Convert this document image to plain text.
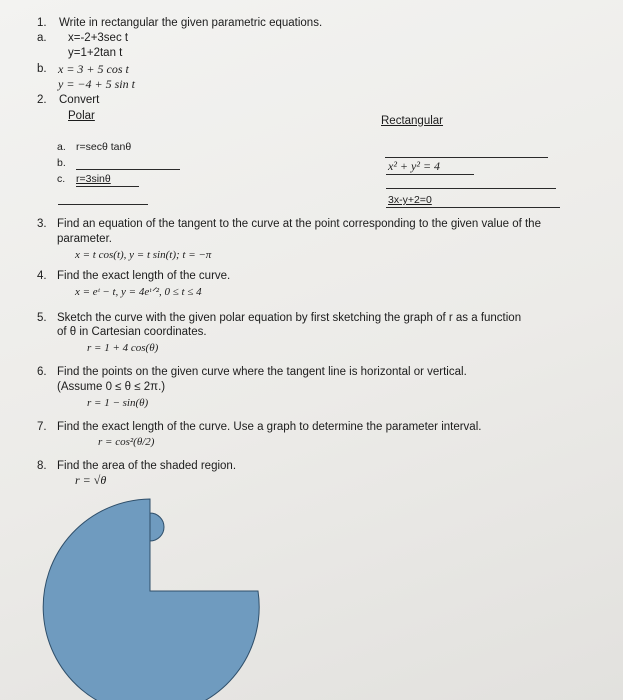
1. Write in rectangular the given parametric equations.
a. x=-2+3sec t
y=1+2tan t
b. x = 3 + 5 cos t
y = −4 + 5 sin t
2. Convert
Polar	Rectangular
a. r=secθ tanθ
b.	x² + y² = 4
c. r=3sinθ
3x-y+2=0
3. Find an equation of the tangent to the curve at the point corresponding to the given value of the
parameter.
x = t cos(t), y = t sin(t); t = −π
4. Find the exact length of the curve.
x = eᵗ − t, y = 4eᵗᐟ², 0 ≤ t ≤ 4
5. Sketch the curve with the given polar equation by first sketching the graph of r as a function
of θ in Cartesian coordinates.
r = 1 + 4 cos(θ)
6. Find the points on the given curve where the tangent line is horizontal or vertical.
(Assume 0 ≤ θ ≤ 2π.)
r = 1 − sin(θ)
7. Find the exact length of the curve. Use a graph to determine the parameter interval.
r = cos²(θ/2)
8. Find the area of the shaded region.
r = √θ
